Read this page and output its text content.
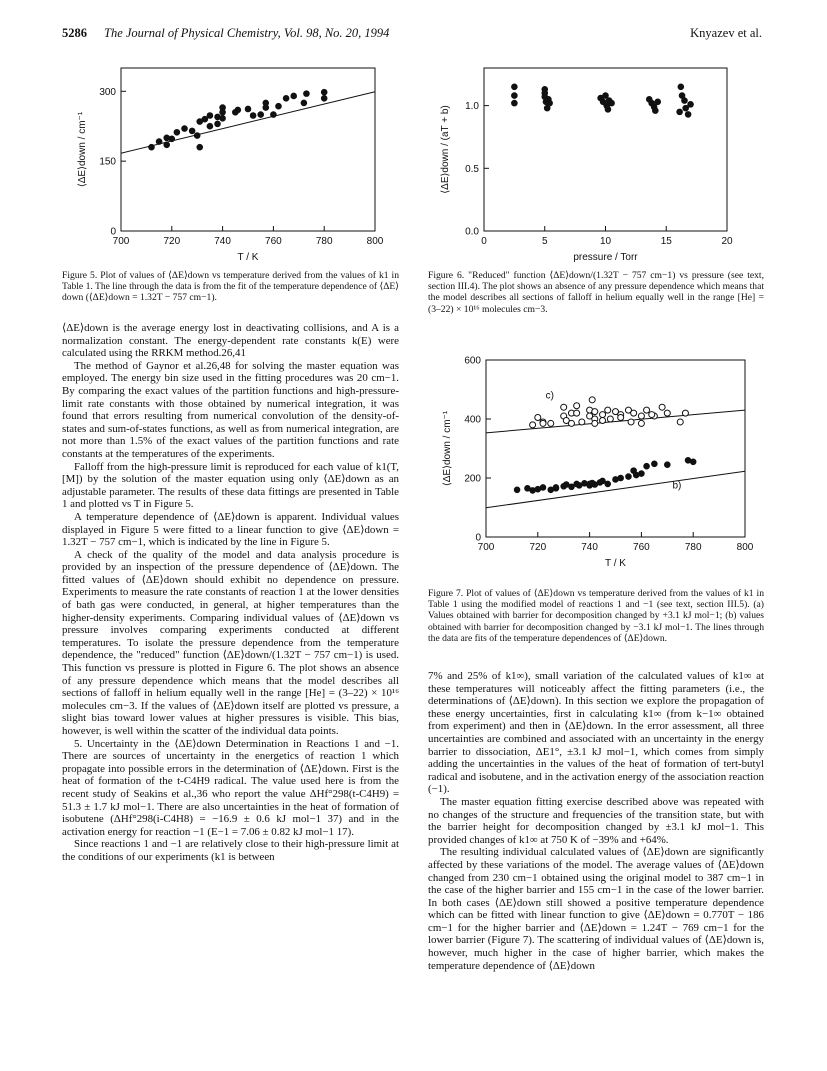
5286 The Journal of Physical Chemistry, Vol. 98, No. 20, 1994	Knyazev et al.
700	720	740	760	780	800
0
150
300
T / K
⟨ΔE⟩down / cm⁻¹
Figure 5. Plot of values of ⟨ΔE⟩down vs temperature derived from the values of k1 in Table 1. The line through the data is from the fit of the temperature dependence of ⟨ΔE⟩down (⟨ΔE⟩down = 1.32T − 757 cm−1).
0	5	10	15	20
0.0
0.5
1.0
pressure / Torr
⟨ΔE⟩down / (aT + b)
Figure 6. "Reduced" function ⟨ΔE⟩down/(1.32T − 757 cm−1) vs pressure (see text, section III.4). The plot shows an absence of any pressure dependence which means that the model describes all sections of falloff in helium equally well in the range [He] = (3–22) × 10¹⁶ molecules cm−3.
700	720	740	760	780	800
0
200
400
600
T / K
⟨ΔE⟩down / cm⁻¹
c)
b)
Figure 7. Plot of values of ⟨ΔE⟩down vs temperature derived from the values of k1 in Table 1 using the modified model of reactions 1 and −1 (see text, section III.5). (a) Values obtained with barrier for decomposition changed by +3.1 kJ mol−1; (b) values obtained with barrier for decomposition changed by −3.1 kJ mol−1. The lines through the data are fits of the temperature dependences of ⟨ΔE⟩down.

⟨ΔE⟩down is the average energy lost in deactivating collisions, and A is a normalization constant. The energy-dependent rate constants k(E) were calculated using the RRKM method.26,41

The method of Gaynor et al.26,48 for solving the master equation was employed. The energy bin size used in the fitting procedures was 20 cm−1. By comparing the exact values of the partition functions and high-pressure-limit rate constants with those obtained by numerical integration, it was found that errors resulting from numerical convolution of the density-of-states and sum-of-states functions, as well as from numerical integration, are not more than 1.5% of the exact values of the partition functions and rate constants at the temperatures of the experiments.

Falloff from the high-pressure limit is reproduced for each value of k1(T,[M]) by the solution of the master equation using only ⟨ΔE⟩down as an adjustable parameter. The results of these data fittings are presented in Table 1 and plotted vs T in Figure 5.

A temperature dependence of ⟨ΔE⟩down is apparent. Individual values displayed in Figure 5 were fitted to a linear function to give ⟨ΔE⟩down = 1.32T − 757 cm−1, which is indicated by the line in Figure 5.

A check of the quality of the model and data analysis procedure is provided by an inspection of the pressure dependence of ⟨ΔE⟩down. The fitted values of ⟨ΔE⟩down should exhibit no dependence on pressure. Experiments to measure the rate constants of reaction 1 at the lower densities of bath gas were conducted, in general, at higher temperatures than the higher-density experiments. Comparing individual values of ⟨ΔE⟩down vs pressure involves comparing experiments conducted at different temperatures. To isolate the pressure dependence from the temperature dependence, the "reduced" function ⟨ΔE⟩down/(1.32T − 757 cm−1) is used. This function vs pressure is plotted in Figure 6. The plot shows an absence of any pressure dependence which means that the model describes all sections of falloff in helium equally well in the range [He] = (3–22) × 10¹⁶ molecules cm−3. If the values of ⟨ΔE⟩down itself are plotted vs pressure, a slight bias toward lower values at higher pressures is visible. This bias, however, is well within the scatter of the individual data points.

5. Uncertainty in the ⟨ΔE⟩down Determination in Reactions 1 and −1. There are sources of uncertainty in the energetics of reaction 1 which propagate into possible errors in the determination of ⟨ΔE⟩down. First is the heat of formation of the t-C4H9 radical. The value used here is from the recent study of Seakins et al.,36 who report the value ΔHf°298(t-C4H9) = 51.3 ± 1.7 kJ mol−1. There are also uncertainties in the heat of formation of isobutene (ΔHf°298(i-C4H8) = −16.9 ± 0.6 kJ mol−1 37) and in the activation energy for reaction −1 (E−1 = 7.06 ± 0.82 kJ mol−1 17).

Since reactions 1 and −1 are relatively close to their high-pressure limit at the conditions of our experiments (k1 is between

7% and 25% of k1∞), small variation of the calculated values of k1∞ at these temperatures will noticeably affect the fitting parameters (i.e., the determinations of ⟨ΔE⟩down). In this section we explore the propagation of these energy uncertainties, first in calculating k1∞ (from k−1∞ obtained from experiment) and then in ⟨ΔE⟩down. In the error assessment, all three uncertainties are combined and associated with an uncertainty in the energy barrier to dissociation, ΔE1°, ±3.1 kJ mol−1, which comes from simply adding the uncertainties in the values of the heat of formation of tert-butyl radical and isobutene, and in the activation energy of the association reaction (−1).

The master equation fitting exercise described above was repeated with no changes of the structure and frequencies of the transition state, but with the barrier height for decomposition changed by ±3.1 kJ mol−1. This provided changes of k1∞ at 750 K of −39% and +64%.

The resulting individual calculated values of ⟨ΔE⟩down are significantly affected by these variations of the model. The average values of ⟨ΔE⟩down changed from 230 cm−1 obtained using the original model to 387 cm−1 in the case of the higher barrier and 155 cm−1 in the case of the lower barrier. In both cases ⟨ΔE⟩down still showed a positive temperature dependence which can be fitted with linear function to give ⟨ΔE⟩down = 0.770T − 186 cm−1 for the higher barrier and ⟨ΔE⟩down = 1.24T − 769 cm−1 for the lower barrier (Figure 7). The scattering of individual values of ⟨ΔE⟩down is, however, much higher in the case of higher barrier, which makes the temperature dependence of ⟨ΔE⟩down
